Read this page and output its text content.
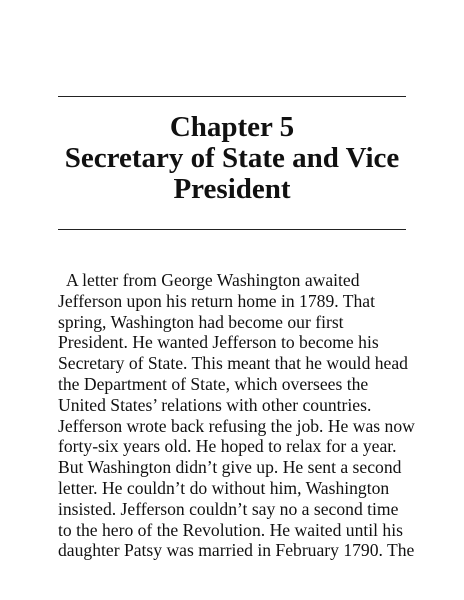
Chapter 5
Secretary of State and Vice
President
A letter from George Washington awaited
Jefferson upon his return home in 1789. That
spring, Washington had become our first
President. He wanted Jefferson to become his
Secretary of State. This meant that he would head
the Department of State, which oversees the
United States’ relations with other countries.
Jefferson wrote back refusing the job. He was now
forty-six years old. He hoped to relax for a year.
But Washington didn’t give up. He sent a second
letter. He couldn’t do without him, Washington
insisted. Jefferson couldn’t say no a second time
to the hero of the Revolution. He waited until his
daughter Patsy was married in February 1790. The
